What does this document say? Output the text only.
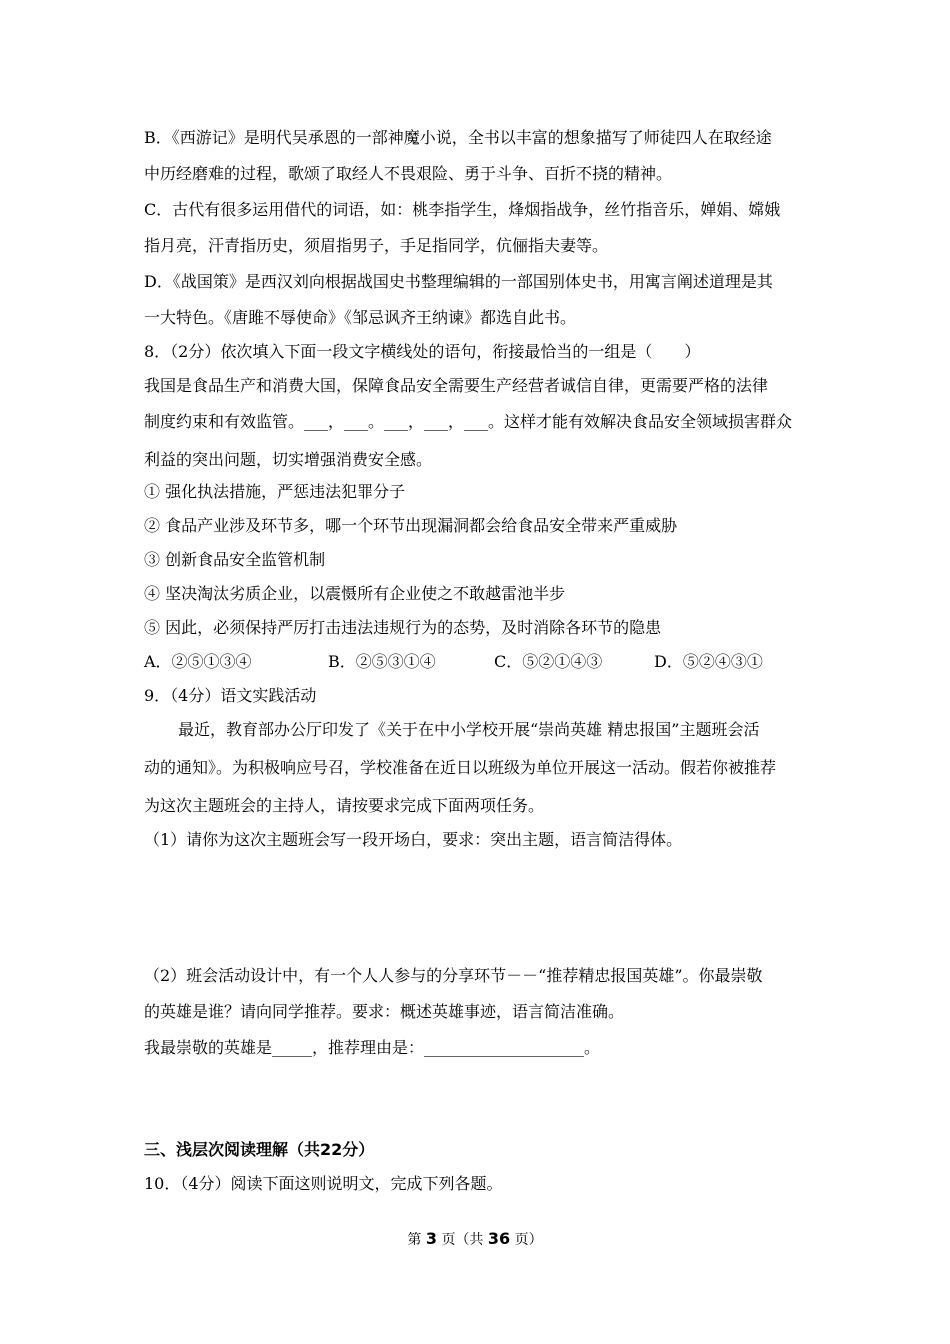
B．《西游记》是明代吴承恩的一部神魔小说，全书以丰富的想象描写了师徒四人在取经途
中历经磨难的过程，歌颂了取经人不畏艰险、勇于斗争、百折不挠的精神。
C．古代有很多运用借代的词语，如：桃李指学生，烽烟指战争，丝竹指音乐，婵娟、嫦娥
指月亮，汗青指历史，须眉指男子，手足指同学，伉俪指夫妻等。
D．《战国策》是西汉刘向根据战国史书整理编辑的一部国别体史书，用寓言阐述道理是其
一大特色。《唐雎不辱使命》《邹忌讽齐王纳谏》都选自此书。
8．（2分）依次填入下面一段文字横线处的语句，衔接最恰当的一组是（　　）
我国是食品生产和消费大国，保障食品安全需要生产经营者诚信自律，更需要严格的法律
制度约束和有效监管。___，___。___，___，___。这样才能有效解决食品安全领域损害群众
利益的突出问题，切实增强消费安全感。
① 强化执法措施，严惩违法犯罪分子
② 食品产业涉及环节多，哪一个环节出现漏洞都会给食品安全带来严重威胁
③ 创新食品安全监管机制
④ 坚决淘汰劣质企业，以震慑所有企业使之不敢越雷池半步
⑤ 因此，必须保持严厉打击违法违规行为的态势，及时消除各环节的隐患
A．②⑤①③④	B．②⑤③①④	C．⑤②①④③	D．⑤②④③①
9．（4分）语文实践活动
最近，教育部办公厅印发了《关于在中小学校开展“崇尚英雄 精忠报国”主题班会活
动的通知》。为积极响应号召，学校准备在近日以班级为单位开展这一活动。假若你被推荐
为这次主题班会的主持人，请按要求完成下面两项任务。
（1）请你为这次主题班会写一段开场白，要求：突出主题，语言简洁得体。
（2）班会活动设计中，有一个人人参与的分享环节－－“推荐精忠报国英雄”。你最崇敬
的英雄是谁？请向同学推荐。要求：概述英雄事迹，语言简洁准确。
我最崇敬的英雄是_____，推荐理由是：____________________。
三、浅层次阅读理解（共22分）
10．（4分）阅读下面这则说明文，完成下列各题。
第 3 页（共 36 页）
